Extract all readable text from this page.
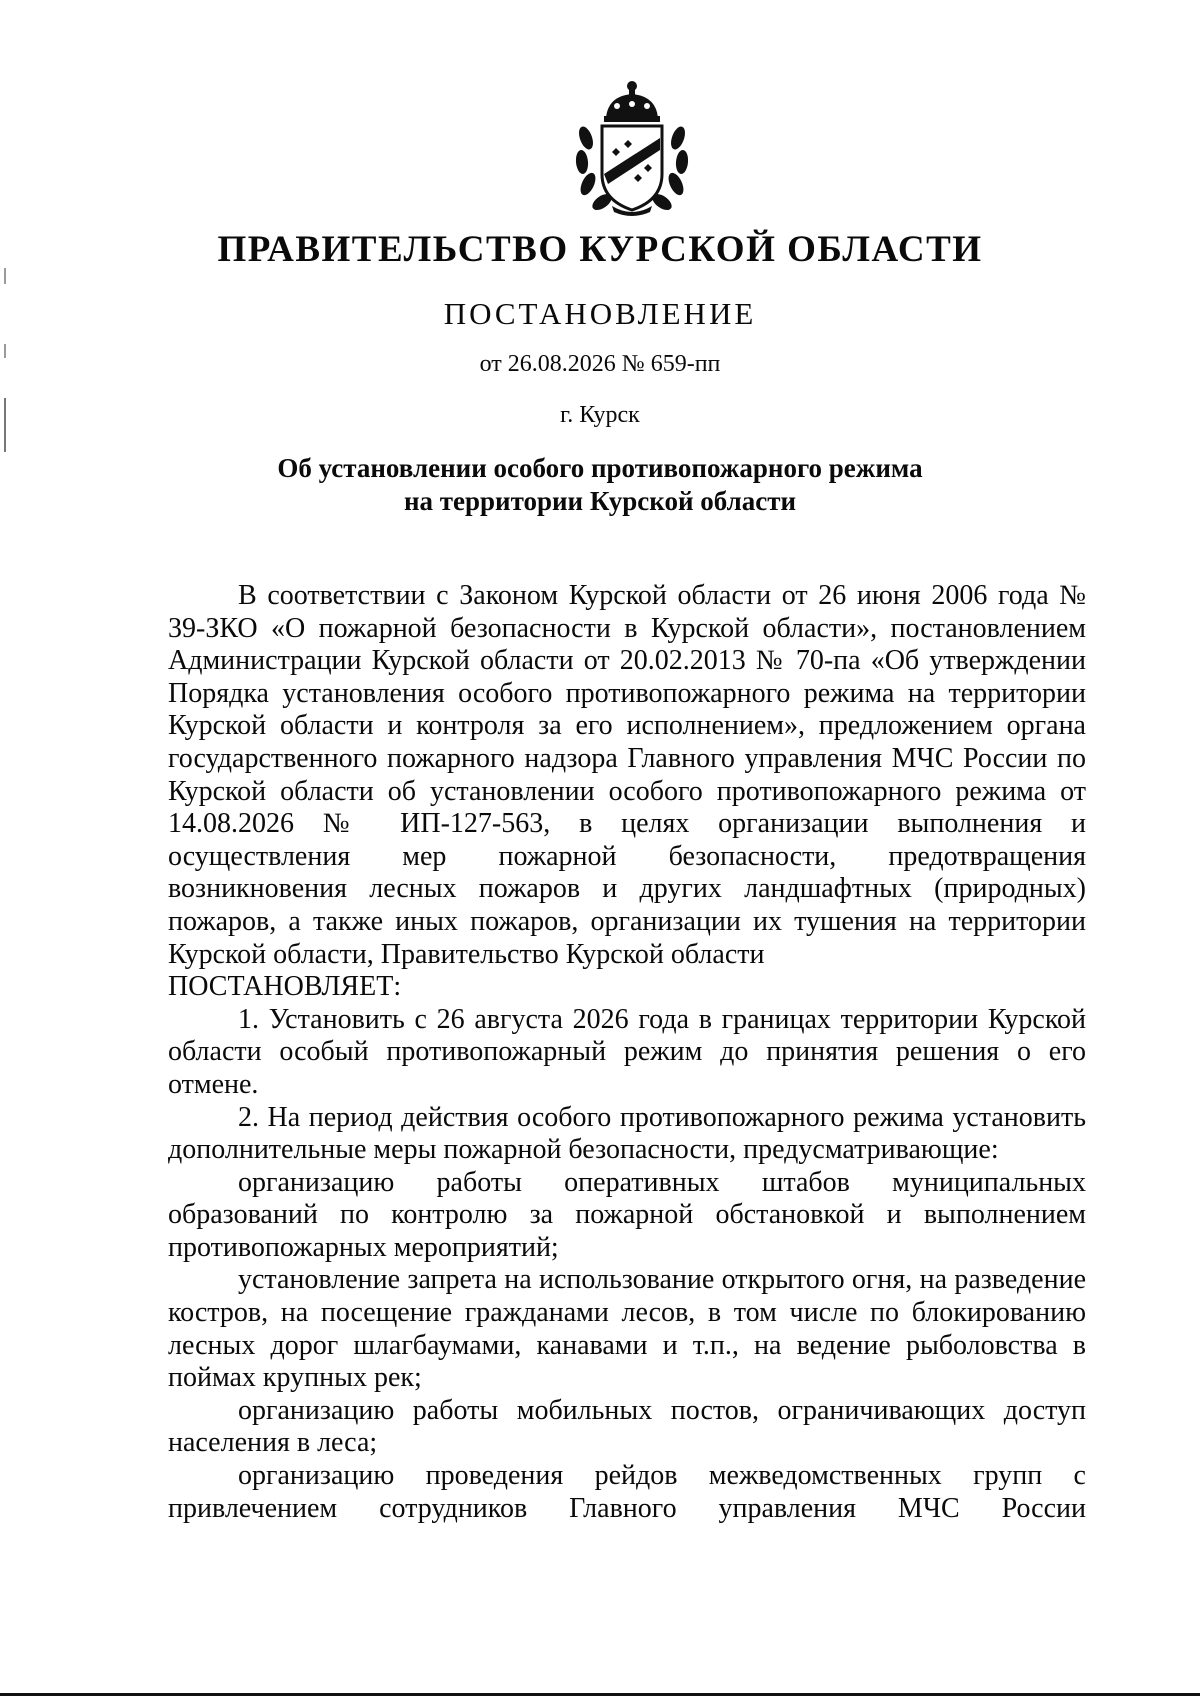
ПРАВИТЕЛЬСТВО КУРСКОЙ ОБЛАСТИ
ПОСТАНОВЛЕНИЕ
от 26.08.2026 № 659-пп
г. Курск
Об установлении особого противопожарного режима
на территории Курской области

В соответствии с Законом Курской области от 26 июня 2006 года № 39-ЗКО «О пожарной безопасности в Курской области», постановлением Администрации Курской области от 20.02.2013 № 70-па «Об утверждении Порядка установления особого противопожарного режима на территории Курской области и контроля за его исполнением», предложением органа государственного пожарного надзора Главного управления МЧС России по Курской области об установлении особого противопожарного режима от 14.08.2026 № ИП-127-563, в целях организации выполнения и осуществления мер пожарной безопасности, предотвращения возникновения лесных пожаров и других ландшафтных (природных) пожаров, а также иных пожаров, организации их тушения на территории Курской области, Правительство Курской области

ПОСТАНОВЛЯЕТ:

1. Установить с 26 августа 2026 года в границах территории Курской области особый противопожарный режим до принятия решения о его отмене.

2. На период действия особого противопожарного режима установить дополнительные меры пожарной безопасности, предусматривающие:

организацию работы оперативных штабов муниципальных образований по контролю за пожарной обстановкой и выполнением противопожарных мероприятий;

установление запрета на использование открытого огня, на разведение костров, на посещение гражданами лесов, в том числе по блокированию лесных дорог шлагбаумами, канавами и т.п., на ведение рыболовства в поймах крупных рек;

организацию работы мобильных постов, ограничивающих доступ населения в леса;

организацию проведения рейдов межведомственных групп с привлечением сотрудников Главного управления МЧС России
